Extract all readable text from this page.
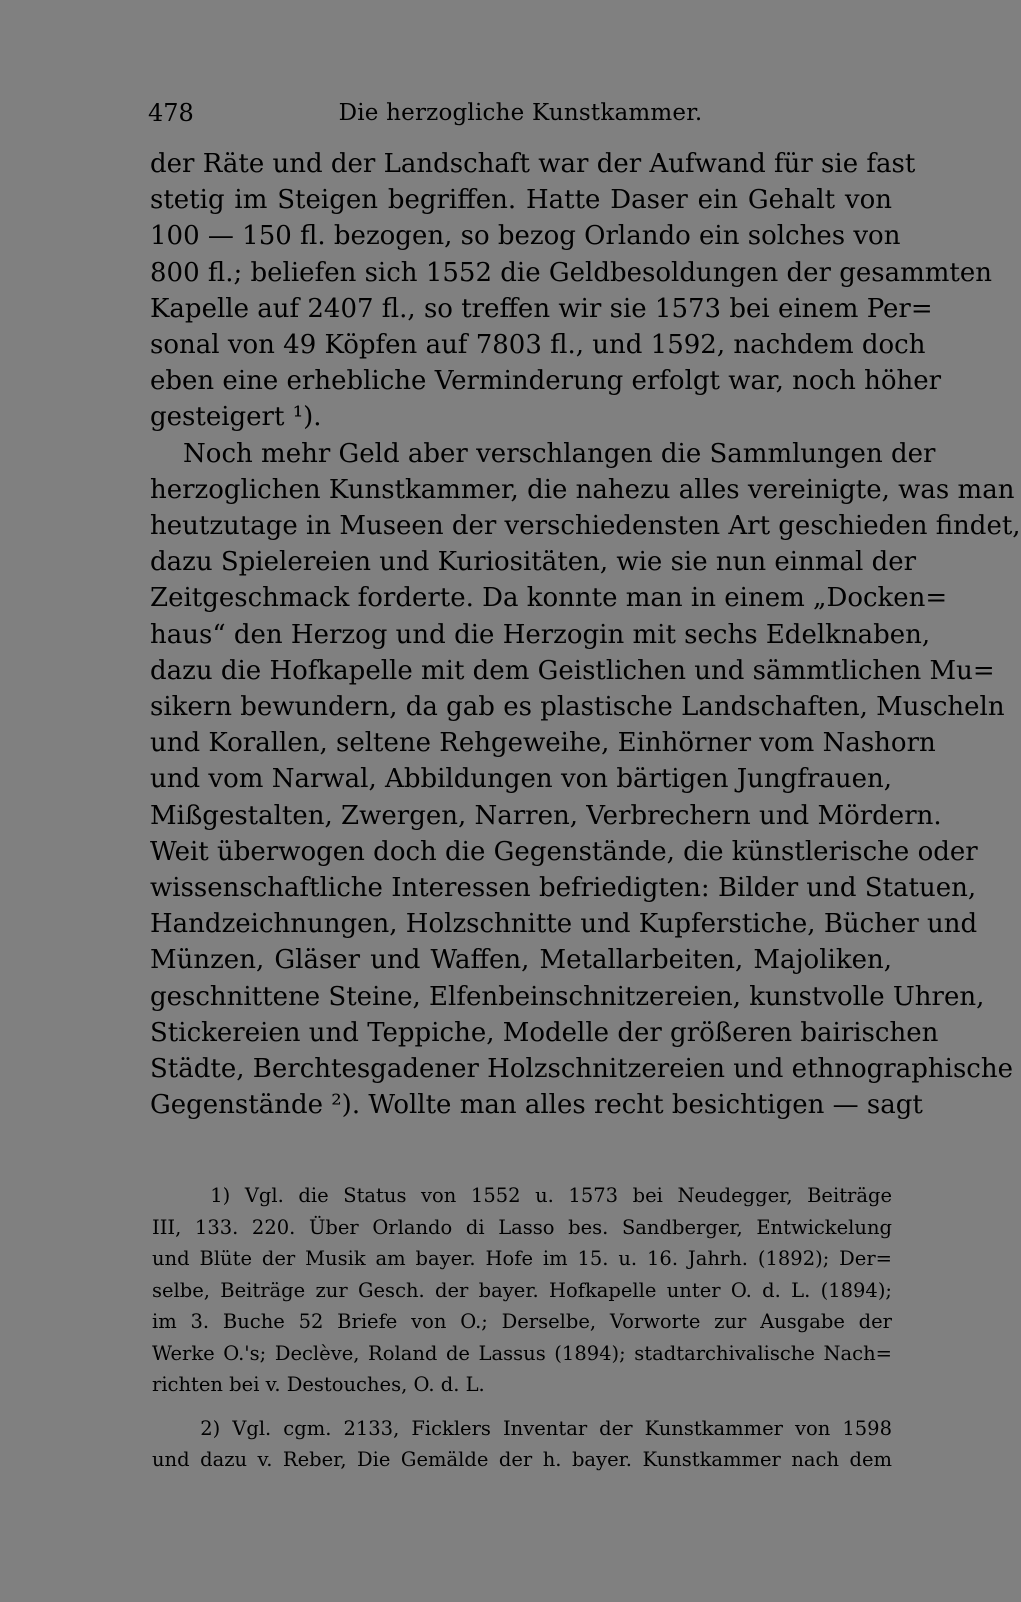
478	Die herzogliche Kunstkammer.
der Räte und der Landschaft war der Aufwand für sie fast
stetig im Steigen begriffen. Hatte Daser ein Gehalt von
100 — 150 fl. bezogen, so bezog Orlando ein solches von
800 fl.; beliefen sich 1552 die Geldbesoldungen der gesammten
Kapelle auf 2407 fl., so treffen wir sie 1573 bei einem Per=
sonal von 49 Köpfen auf 7803 fl., und 1592, nachdem doch
eben eine erhebliche Verminderung erfolgt war, noch höher
gesteigert ¹).
Noch mehr Geld aber verschlangen die Sammlungen der
herzoglichen Kunstkammer, die nahezu alles vereinigte, was man
heutzutage in Museen der verschiedensten Art geschieden findet,
dazu Spielereien und Kuriositäten, wie sie nun einmal der
Zeitgeschmack forderte. Da konnte man in einem „Docken=
haus“ den Herzog und die Herzogin mit sechs Edelknaben,
dazu die Hofkapelle mit dem Geistlichen und sämmtlichen Mu=
sikern bewundern, da gab es plastische Landschaften, Muscheln
und Korallen, seltene Rehgeweihe, Einhörner vom Nashorn
und vom Narwal, Abbildungen von bärtigen Jungfrauen,
Mißgestalten, Zwergen, Narren, Verbrechern und Mördern.
Weit überwogen doch die Gegenstände, die künstlerische oder
wissenschaftliche Interessen befriedigten: Bilder und Statuen,
Handzeichnungen, Holzschnitte und Kupferstiche, Bücher und
Münzen, Gläser und Waffen, Metallarbeiten, Majoliken,
geschnittene Steine, Elfenbeinschnitzereien, kunstvolle Uhren,
Stickereien und Teppiche, Modelle der größeren bairischen
Städte, Berchtesgadener Holzschnitzereien und ethnographische
Gegenstände ²). Wollte man alles recht besichtigen — sagt
1) Vgl. die Status von 1552 u. 1573 bei Neudegger, Beiträge
III, 133. 220. Über Orlando di Lasso bes. Sandberger, Entwickelung
und Blüte der Musik am bayer. Hofe im 15. u. 16. Jahrh. (1892); Der=
selbe, Beiträge zur Gesch. der bayer. Hofkapelle unter O. d. L. (1894);
im 3. Buche 52 Briefe von O.; Derselbe, Vorworte zur Ausgabe der
Werke O.'s; Declève, Roland de Lassus (1894); stadtarchivalische Nach=
richten bei v. Destouches, O. d. L.
2) Vgl. cgm. 2133, Ficklers Inventar der Kunstkammer von 1598
und dazu v. Reber, Die Gemälde der h. bayer. Kunstkammer nach dem
